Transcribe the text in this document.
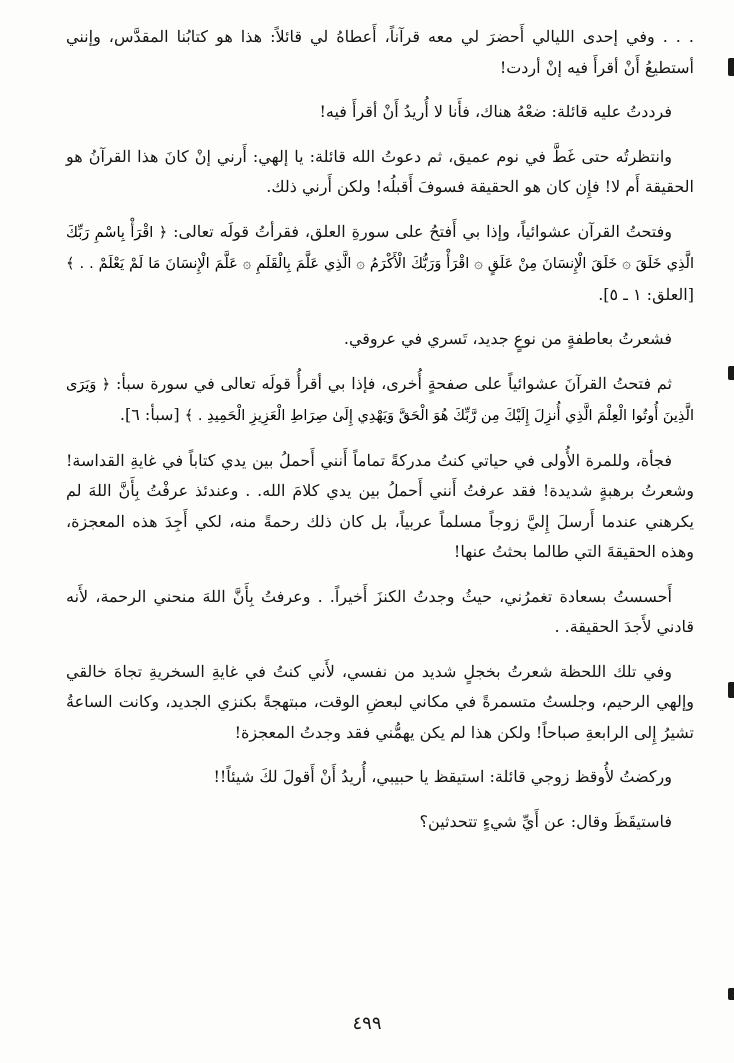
. . . وفي إحدى الليالي أَحضرَ لي معه قرآناً، أَعطاهُ لي قائلاً: هذا هو كتابُنا المقدَّس، وإنني أستطيعُ أَنْ أقرأَ فيه إنْ أردت!

فرددتُ عليه قائلة: ضعْهُ هناك، فأَنا لا أُريدُ أَنْ أقرأَ فيه!

وانتظرتُه حتى غَطَّ في نوم عميق، ثم دعوتُ الله قائلة: يا إلهي: أَرني إنْ كانَ هذا القرآنُ هو الحقيقة أَم لا! فإِن كان هو الحقيقة فسوفَ أَقبلُه! ولكن أَرني ذلك.

وفتحتُ القرآن عشوائياً، وإذا بي أَفتحُ على سورةِ العلق، فقرأتُ قولَه تعالى: ﴿ اقْرَأْ بِاسْمِ رَبِّكَ الَّذِي خَلَقَ ۞ خَلَقَ الْإِنسَانَ مِنْ عَلَقٍ ۞ اقْرَأْ وَرَبُّكَ الْأَكْرَمُ ۞ الَّذِي عَلَّمَ بِالْقَلَمِ ۞ عَلَّمَ الْإِنسَانَ مَا لَمْ يَعْلَمْ . . ﴾ [العلق: ١ ـ ٥].

فشعرتُ بعاطفةٍ من نوعٍ جديد، تَسري في عروقي.

ثم فتحتُ القرآنَ عشوائياً على صفحةٍ أُخرى، فإذا بي أقرأُ قولَه تعالى في سورة سبأ: ﴿ وَيَرَى الَّذِينَ أُوتُوا الْعِلْمَ الَّذِي أُنزِلَ إِلَيْكَ مِن رَّبِّكَ هُوَ الْحَقَّ وَيَهْدِي إِلَىٰ صِرَاطِ الْعَزِيزِ الْحَمِيدِ . ﴾ [سبأ: ٦].

فجأة، وللمرة الأُولى في حياتي كنتُ مدركةً تماماً أَنني أَحملُ بين يدي كتاباً في غايةِ القداسة! وشعرتُ برهبةٍ شديدة! فقد عرفتُ أَنني أَحملُ بين يدي كلامَ الله. . وعندئذ عرفْتُ بِأَنَّ اللهَ لم يكرهني عندما أَرسلَ إِليَّ زوجاً مسلماً عربياً، بل كان ذلك رحمةً منه، لكي أَجِدَ هذه المعجزة، وهذه الحقيقةَ التي طالما بحثتُ عنها!

أَحسستُ بسعادة تغمرُني، حيثُ وجدتُ الكنزَ أَخيراً. . وعرفتُ بِأَنَّ اللهَ منحني الرحمة، لأَنه قادني لأَجدَ الحقيقة. .

وفي تلك اللحظة شعرتُ بخجلٍ شديد من نفسي، لأَني كنتُ في غايةِ السخريةِ تجاهَ خالقي وإلهي الرحيم، وجلستُ متسمرةً في مكاني لبعضِ الوقت، مبتهجةً بكنزي الجديد، وكانت الساعةُ تشيرُ إِلى الرابعةِ صباحاً! ولكن هذا لم يكن يهمُّني فقد وجدتُ المعجزة!

وركضتُ لأُوقظ زوجي قائلة: استيقظ يا حبيبي، أُريدُ أَنْ أَقولَ لكَ شيئاً!!

فاستيقَظَ وقال: عن أَيِّ شيءٍ تتحدثين؟

٤٩٩
